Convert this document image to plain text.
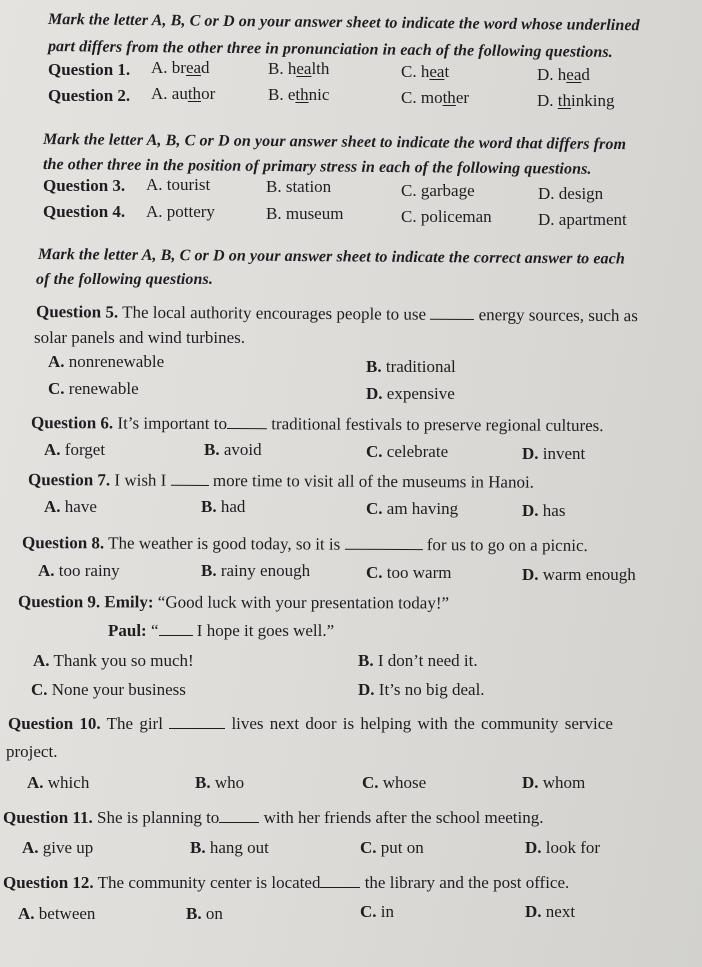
Mark the letter A, B, C or D on your answer sheet to indicate the word whose underlined
part differs from the other three in pronunciation in each of the following questions.
Question 1. A. bread	B. health	C. heat	D. head
Question 2. A. author	B. ethnic	C. mother	D. thinking
Mark the letter A, B, C or D on your answer sheet to indicate the word that differs from
the other three in the position of primary stress in each of the following questions.
Question 3. A. tourist	B. station	C. garbage	D. design
Question 4. A. pottery	B. museum	C. policeman	D. apartment
Mark the letter A, B, C or D on your answer sheet to indicate the correct answer to each
of the following questions.
Question 5. The local authority encourages people to use	energy sources, such as
solar panels and wind turbines.
A. nonrenewable	B. traditional
C. renewable	D. expensive
Question 6. It’s important to	traditional festivals to preserve regional cultures.
A. forget	B. avoid	C. celebrate	D. invent
Question 7. I wish I	more time to visit all of the museums in Hanoi.
A. have	B. had	C. am having	D. has
Question 8. The weather is good today, so it is	for us to go on a picnic.
A. too rainy	B. rainy enough	C. too warm	D. warm enough
Question 9. Emily: “Good luck with your presentation today!”
Paul: “ I hope it goes well.”
A. Thank you so much!	B. I don’t need it.
C. None your business	D. It’s no big deal.
Question 10. The girl	lives next door is helping with the community service
project.
A. which	B. who	C. whose	D. whom
Question 11. She is planning to	with her friends after the school meeting.
A. give up	B. hang out	C. put on	D. look for
Question 12. The community center is located	the library and the post office.
A. between	B. on	C. in	D. next
